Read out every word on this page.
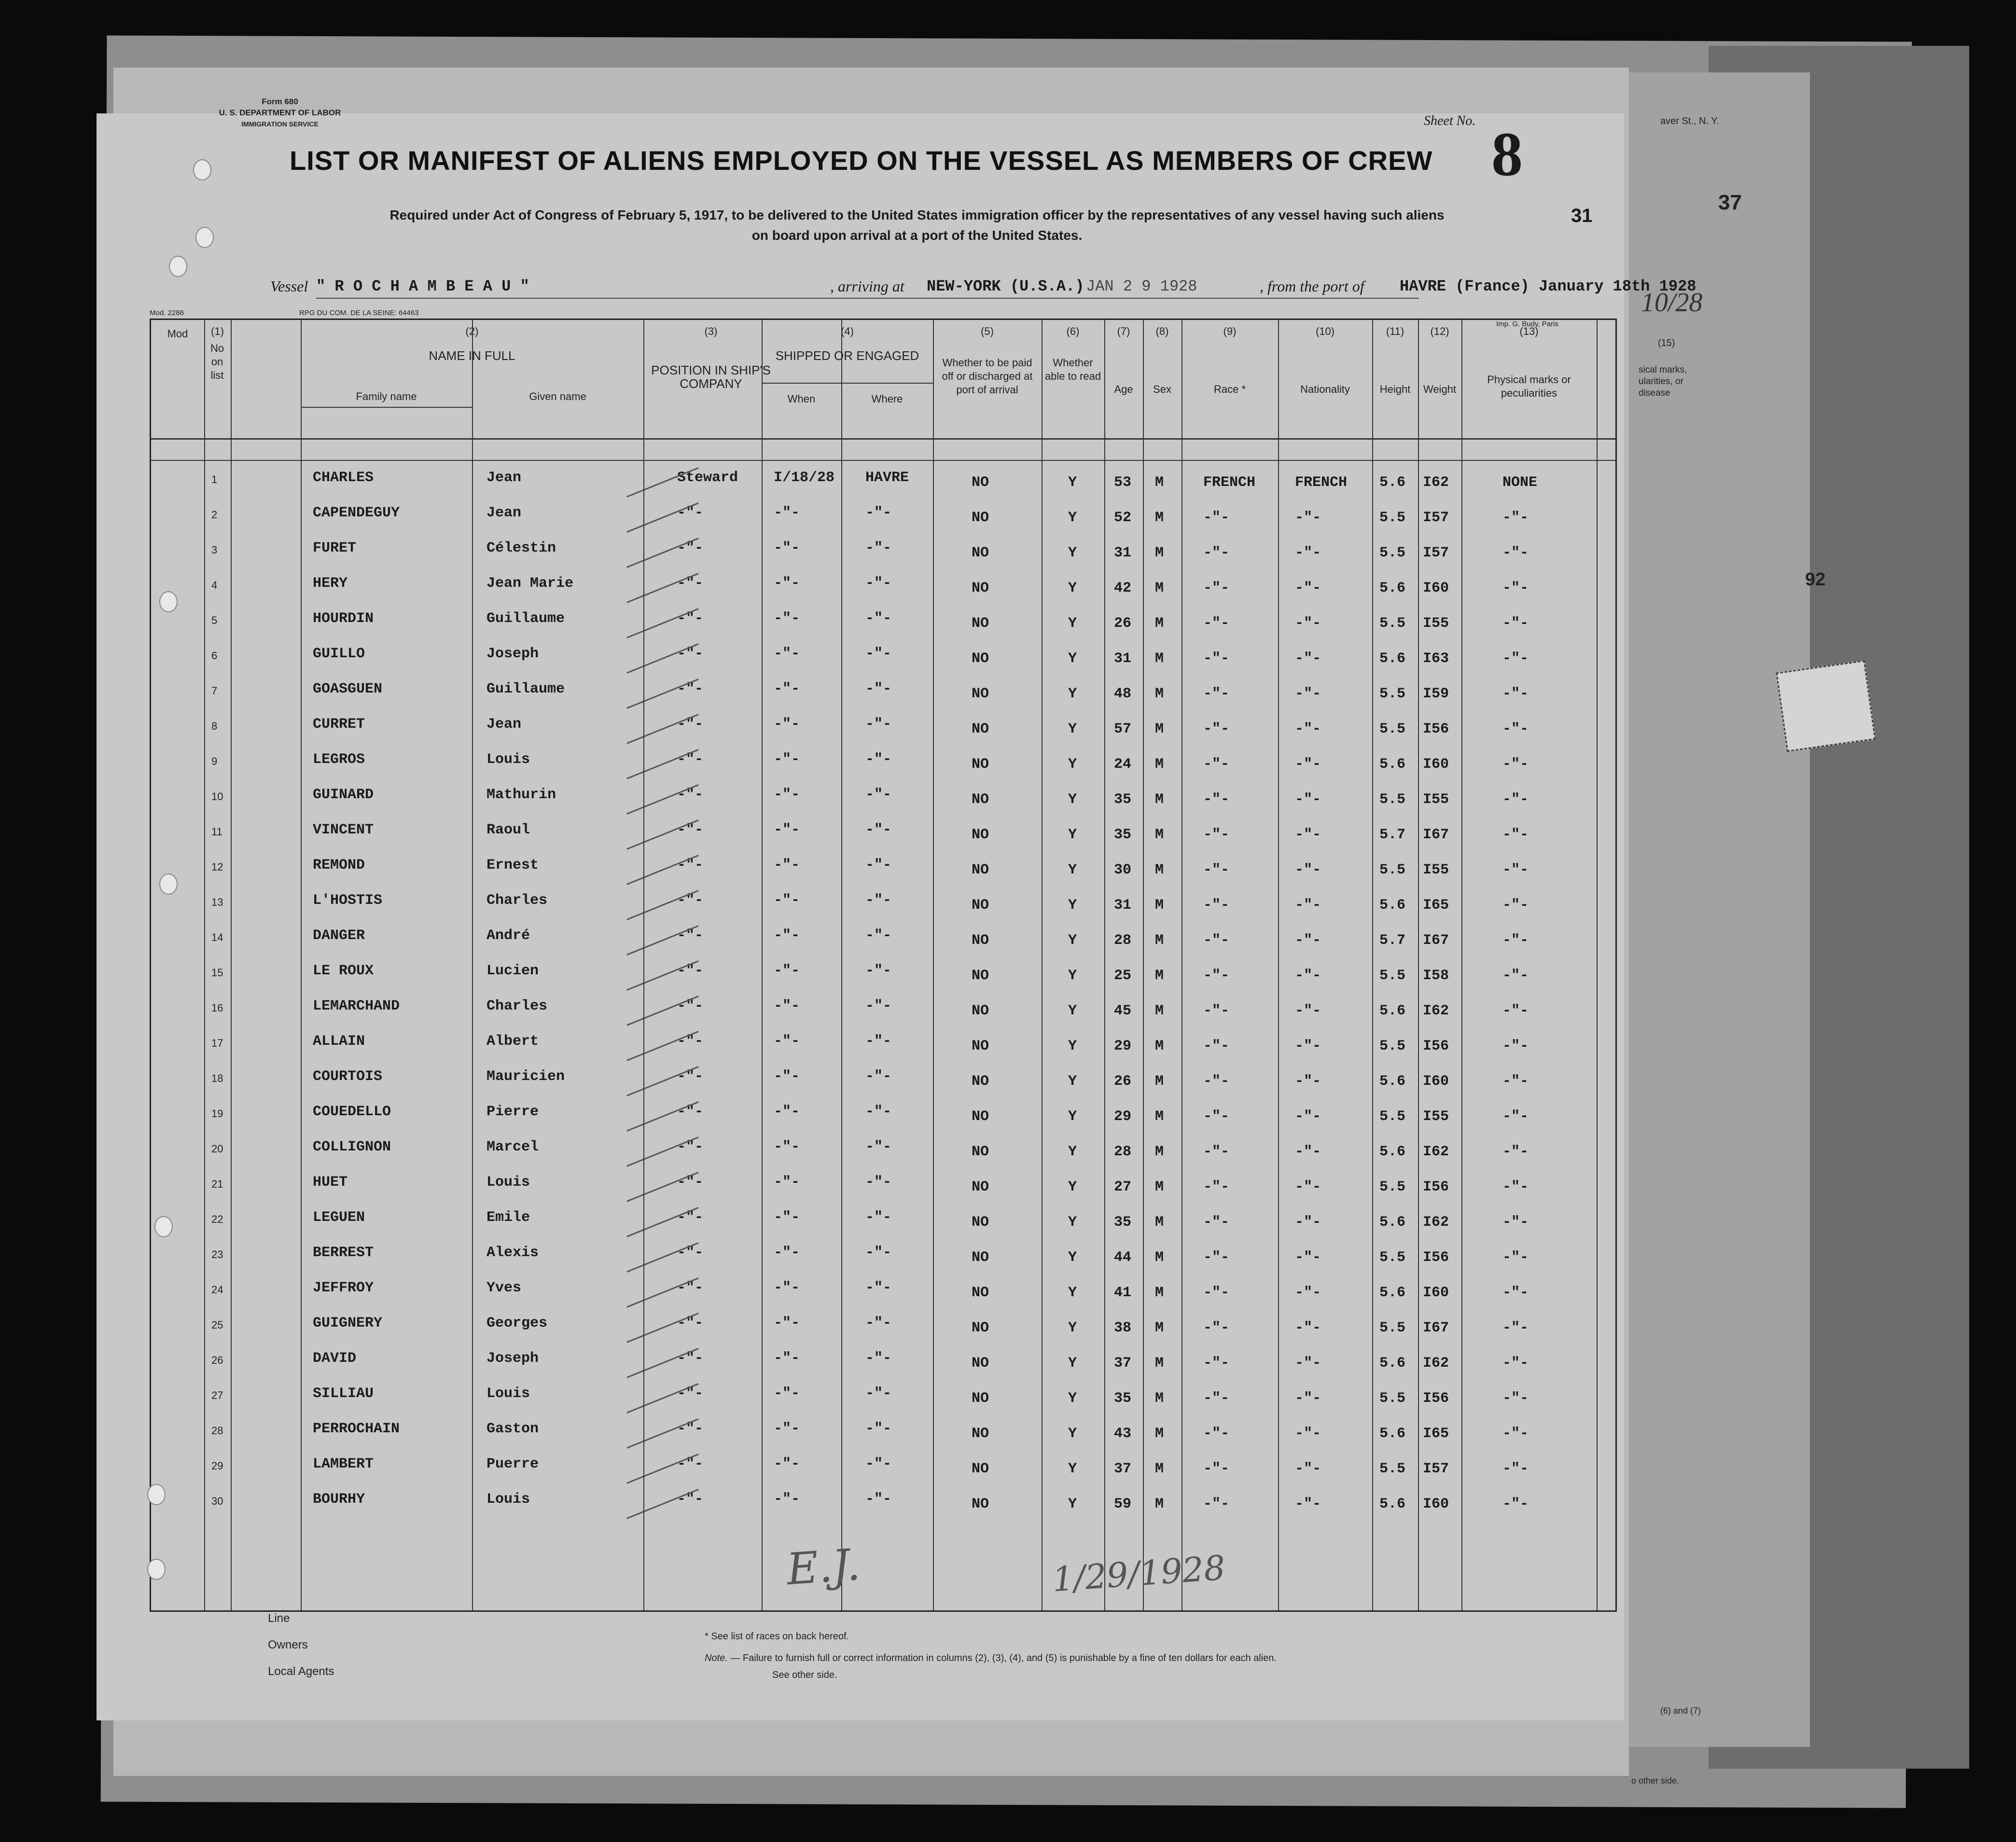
37
aver St., N. Y.
10/28
(15)
sical marks, ularities, or disease
92
(6) and (7)
o other side.
Form 680
U. S. DEPARTMENT OF LABOR
IMMIGRATION SERVICE
LIST OR MANIFEST OF ALIENS EMPLOYED ON THE VESSEL AS MEMBERS OF CREW
Sheet No. 8
Required under Act of Congress of February 5, 1917, to be delivered to the United States immigration officer by the representatives of any vessel having such aliens
on board upon arrival at a port of the United States.
31
Vessel " R O C H A M B E A U "	, arriving at NEW-YORK (U.S.A.) JAN 2 9 1928	, from the port of HAVRE (France) January 18th 1928
Mod. 2286	RPG DU COM. DE LA SEINE: 64463
Imp. G. Budy, Paris
Mod	(1)
No on list
(2)
NAME IN FULL
Family name	Given name
(3)
POSITION IN SHIP'S COMPANY
(4)
SHIPPED OR ENGAGED
When	Where
(5)
Whether to be paid off or discharged at port of arrival
(6)
Whether able to read
(7)
Age
(8)
Sex
(9)
Race *
(10)
Nationality
(11)
Height
(12)
Weight
(13)
Physical marks or peculiarities
1	CHARLES	Jean	Steward I/18/28 HAVRE	NO	Y	53 M	FRENCH	FRENCH 5.6 I62	NONE
2	CAPENDEGUY	Jean	-"-	-"-	-"-	NO	Y	52 M	-"-	-"-	5.5 I57	-"-
3	FURET	Célestin	-"-	-"-	-"-	NO	Y	31 M	-"-	-"-	5.5 I57	-"-
4	HERY	Jean Marie	-"-	-"-	-"-	NO	Y	42 M	-"-	-"-	5.6 I60	-"-
5	HOURDIN	Guillaume	-"-	-"-	-"-	NO	Y	26 M	-"-	-"-	5.5 I55	-"-
6	GUILLO	Joseph	-"-	-"-	-"-	NO	Y	31 M	-"-	-"-	5.6 I63	-"-
7	GOASGUEN	Guillaume	-"-	-"-	-"-	NO	Y	48 M	-"-	-"-	5.5 I59	-"-
8	CURRET	Jean	-"-	-"-	-"-	NO	Y	57 M	-"-	-"-	5.5 I56	-"-
9	LEGROS	Louis	-"-	-"-	-"-	NO	Y	24 M	-"-	-"-	5.6 I60	-"-
10	GUINARD	Mathurin	-"-	-"-	-"-	NO	Y	35 M	-"-	-"-	5.5 I55	-"-
11	VINCENT	Raoul	-"-	-"-	-"-	NO	Y	35 M	-"-	-"-	5.7 I67	-"-
12	REMOND	Ernest	-"-	-"-	-"-	NO	Y	30 M	-"-	-"-	5.5 I55	-"-
13	L'HOSTIS	Charles	-"-	-"-	-"-	NO	Y	31 M	-"-	-"-	5.6 I65	-"-
14	DANGER	André	-"-	-"-	-"-	NO	Y	28 M	-"-	-"-	5.7 I67	-"-
15	LE ROUX	Lucien	-"-	-"-	-"-	NO	Y	25 M	-"-	-"-	5.5 I58	-"-
16	LEMARCHAND	Charles	-"-	-"-	-"-	NO	Y	45 M	-"-	-"-	5.6 I62	-"-
17	ALLAIN	Albert	-"-	-"-	-"-	NO	Y	29 M	-"-	-"-	5.5 I56	-"-
18	COURTOIS	Mauricien	-"-	-"-	-"-	NO	Y	26 M	-"-	-"-	5.6 I60	-"-
19	COUEDELLO	Pierre	-"-	-"-	-"-	NO	Y	29 M	-"-	-"-	5.5 I55	-"-
20	COLLIGNON	Marcel	-"-	-"-	-"-	NO	Y	28 M	-"-	-"-	5.6 I62	-"-
21	HUET	Louis	-"-	-"-	-"-	NO	Y	27 M	-"-	-"-	5.5 I56	-"-
22	LEGUEN	Emile	-"-	-"-	-"-	NO	Y	35 M	-"-	-"-	5.6 I62	-"-
23	BERREST	Alexis	-"-	-"-	-"-	NO	Y	44 M	-"-	-"-	5.5 I56	-"-
24	JEFFROY	Yves	-"-	-"-	-"-	NO	Y	41 M	-"-	-"-	5.6 I60	-"-
25	GUIGNERY	Georges	-"-	-"-	-"-	NO	Y	38 M	-"-	-"-	5.5 I67	-"-
26	DAVID	Joseph	-"-	-"-	-"-	NO	Y	37 M	-"-	-"-	5.6 I62	-"-
27	SILLIAU	Louis	-"-	-"-	-"-	NO	Y	35 M	-"-	-"-	5.5 I56	-"-
28	PERROCHAIN	Gaston	-"-	-"-	-"-	NO	Y	43 M	-"-	-"-	5.6 I65	-"-
29	LAMBERT	Puerre	-"-	-"-	-"-	NO	Y	37 M	-"-	-"-	5.5 I57	-"-
30	BOURHY	Louis	-"-	-"-	-"-	NO	Y	59 M	-"-	-"-	5.6 I60	-"-
E.J.	1/29/1928
Line
Owners
Local Agents
* See list of races on back hereof.
Note. — Failure to furnish full or correct information in columns (2), (3), (4), and (5) is punishable by a fine of ten dollars for each alien.
See other side.
